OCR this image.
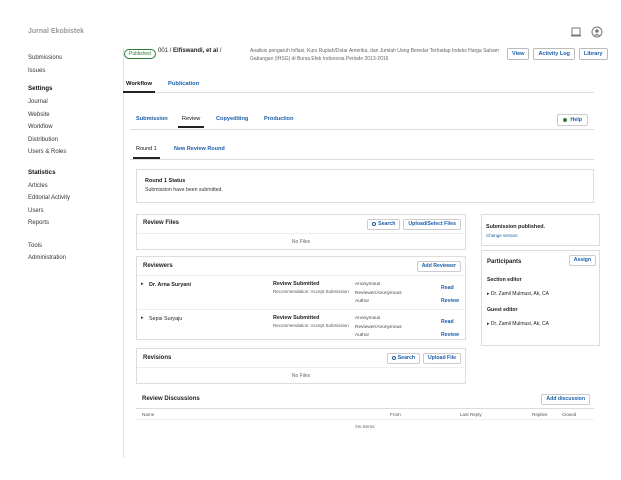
Jurnal Ekobistek
Submissions
Issues
Settings
Journal
Website
Workflow
Distribution
Users & Roles
Statistics
Articles
Editorial Activity
Users
Reports
Tools
Administration
Published	001 / Elfiswandi, et al /	Analisis pengaruh Inflasi, Kurs Rupiah/Dolar Amerika, dan Jumlah Uang Beredar Terhadap Indeks Harga Saham Gabungan (IHSG) di Bursa Efek Indonesia Periode 2013-2016
View	Activity Log	Library
Workflow	Publication
Submission	Review	Copyediting	Production	Help
Round 1	New Review Round
Round 1 Status
Submission have been submitted.
Review Files	Search	Upload/Select Files
No Files
Reviewers	Add Reviewer
▸ Dr. Arna Suryani	Review Submitted
Recommendation: Accept Submission
Anonymous
Reviewer/Anonymous
Author
Read
Review
▸ Sepsi Suryaju	Review Submitted
Recommendation: Accept Submission
Anonymous
Reviewer/Anonymous
Author
Read
Review
Revisions	Search	Upload File
No Files
Review Discussions	Add discussion
Name	From	Last Reply	Replies	Closed
No Items
Submission published.
Change version
Participants	Assign
Section editor
▸ Dr. Zamil Mulmusi, Ak, CA
Guest editor
▸ Dr. Zamil Mulmusi, Ak, CA
